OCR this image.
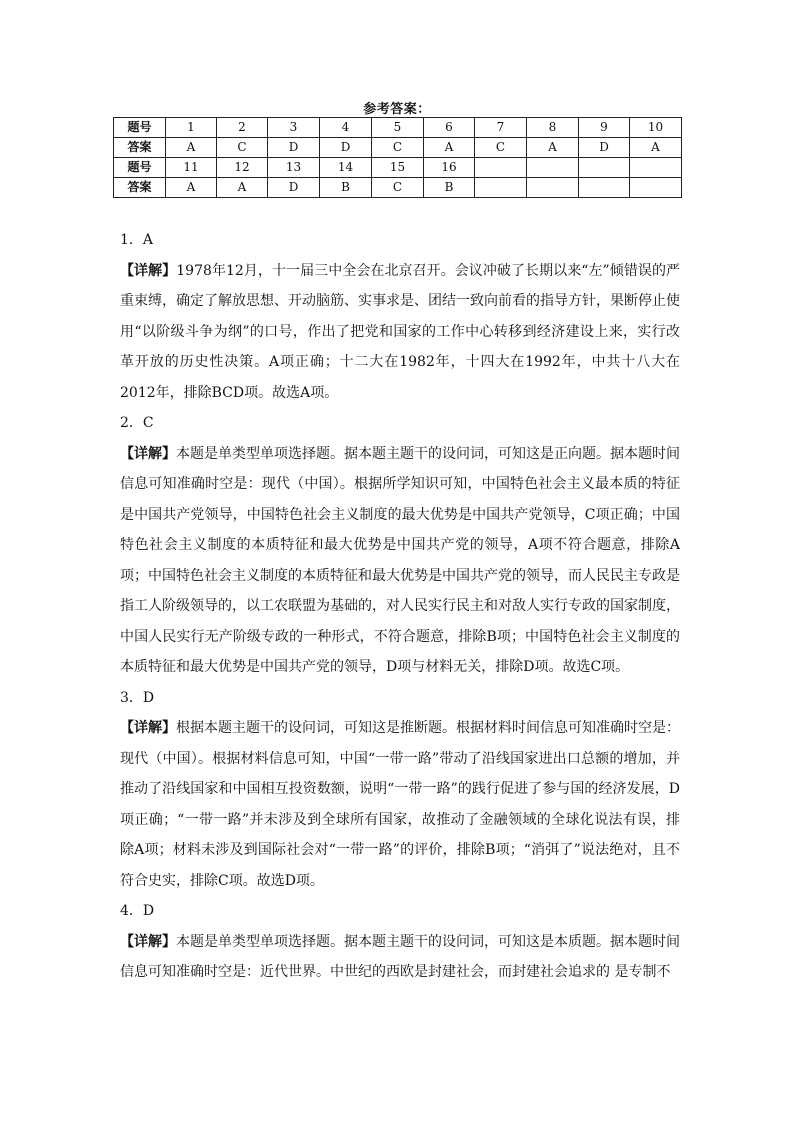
参考答案：
题号	1	2	3	4	5	6	7	8	9	10
答案	A	C	D	D	C	A	C	A	D	A
题号	11	12	13	14	15	16				
答案	A	A	D	B	C	B				
1．A

【详解】1978年12月，十一届三中全会在北京召开。会议冲破了长期以来“左”倾错误的严重束缚，确定了解放思想、开动脑筋、实事求是、团结一致向前看的指导方针，果断停止使用“以阶级斗争为纲”的口号，作出了把党和国家的工作中心转移到经济建设上来，实行改革开放的历史性决策。A项正确；十二大在1982年，十四大在1992年，中共十八大在2012年，排除BCD项。故选A项。

2．C

【详解】本题是单类型单项选择题。据本题主题干的设问词，可知这是正向题。据本题时间信息可知准确时空是：现代（中国）。根据所学知识可知，中国特色社会主义最本质的特征是中国共产党领导，中国特色社会主义制度的最大优势是中国共产党领导，C项正确；中国特色社会主义制度的本质特征和最大优势是中国共产党的领导，A项不符合题意，排除A项；中国特色社会主义制度的本质特征和最大优势是中国共产党的领导，而人民民主专政是指工人阶级领导的，以工农联盟为基础的，对人民实行民主和对敌人实行专政的国家制度，中国人民实行无产阶级专政的一种形式，不符合题意，排除B项；中国特色社会主义制度的本质特征和最大优势是中国共产党的领导，D项与材料无关，排除D项。故选C项。

3．D

【详解】根据本题主题干的设问词，可知这是推断题。根据材料时间信息可知准确时空是：现代（中国）。根据材料信息可知，中国“一带一路”带动了沿线国家进出口总额的增加，并推动了沿线国家和中国相互投资数额，说明“一带一路”的践行促进了参与国的经济发展，D项正确；“一带一路”并未涉及到全球所有国家，故推动了金融领域的全球化说法有误，排除A项；材料未涉及到国际社会对“一带一路”的评价，排除B项；“消弭了”说法绝对，且不符合史实，排除C项。故选D项。

4．D

【详解】本题是单类型单项选择题。据本题主题干的设问词，可知这是本质题。据本题时间信息可知准确时空是：近代世界。中世纪的西欧是封建社会，而封建社会追求的 是专制不
